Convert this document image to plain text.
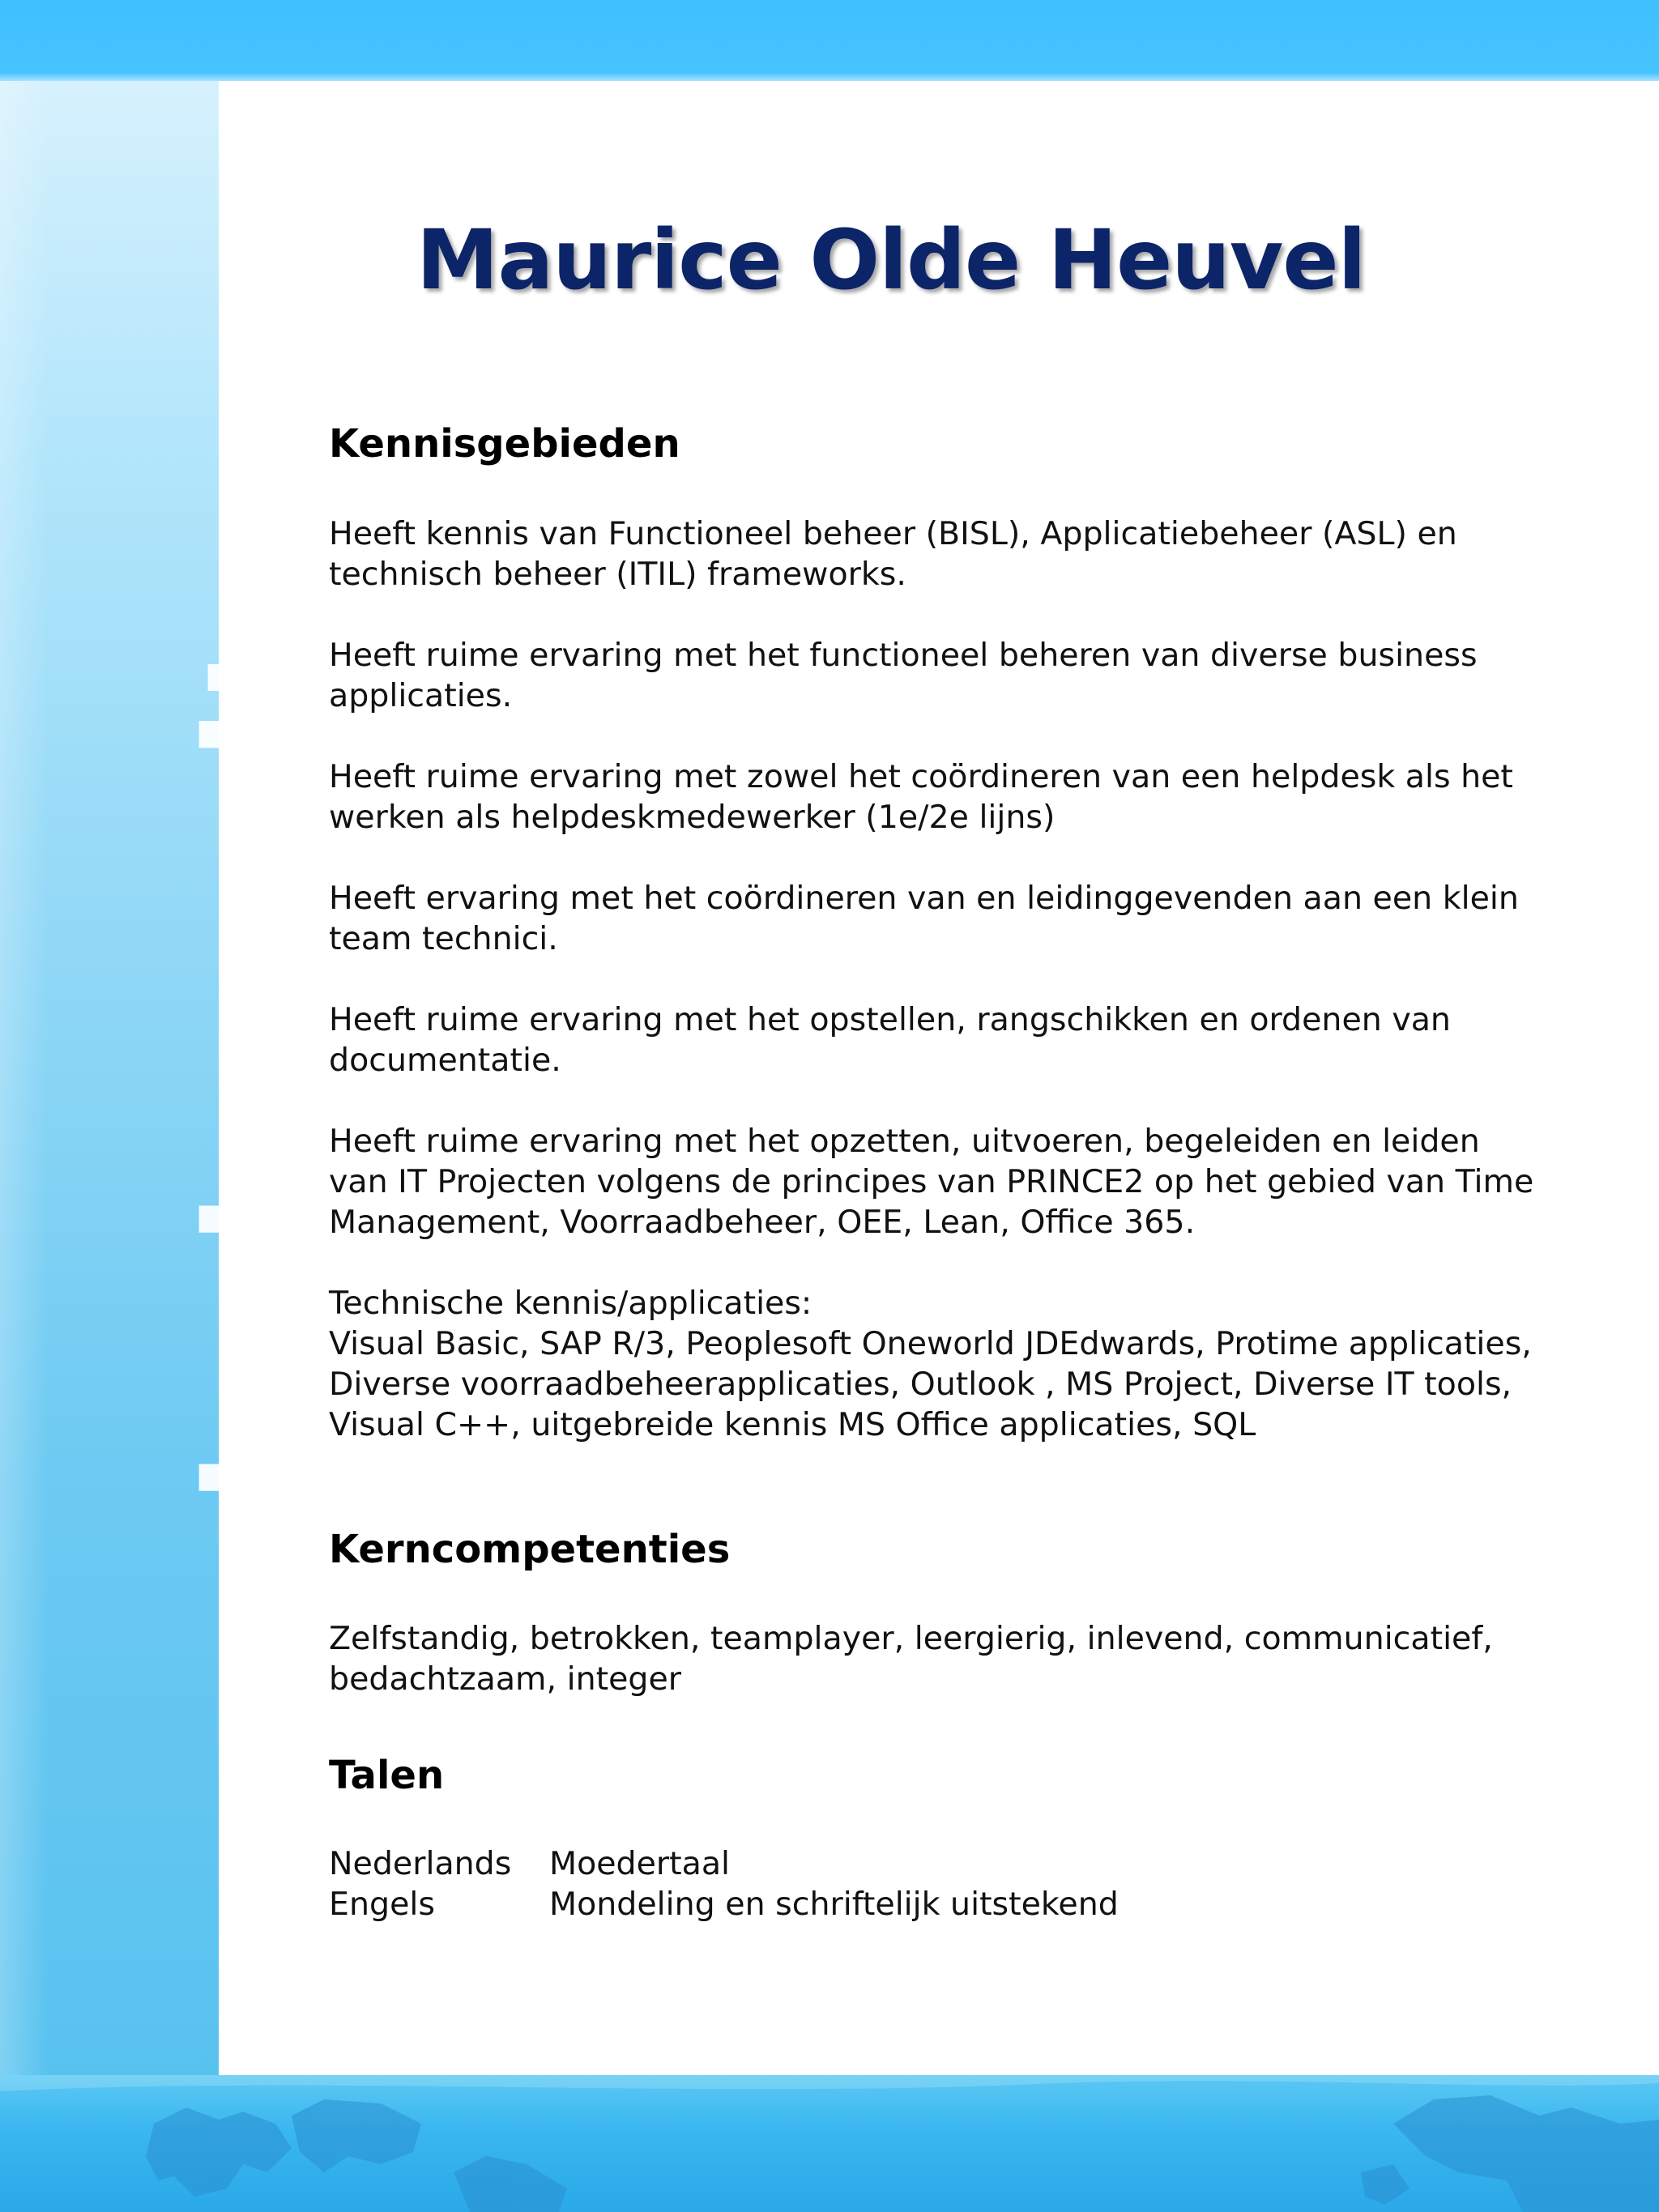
curriculum vitae
Maurice Olde Heuvel
Kennisgebieden
Heeft kennis van Functioneel beheer (BISL), Applicatiebeheer (ASL) en
technisch beheer (ITIL) frameworks.
Heeft ruime ervaring met het functioneel beheren van diverse business
applicaties.
Heeft ruime ervaring met zowel het coördineren van een helpdesk als het
werken als helpdeskmedewerker (1e/2e lijns)
Heeft ervaring met het coördineren van en leidinggevenden aan een klein
team technici.
Heeft ruime ervaring met het opstellen, rangschikken en ordenen van
documentatie.
Heeft ruime ervaring met het opzetten, uitvoeren, begeleiden en leiden
van IT Projecten volgens de principes van PRINCE2 op het gebied van Time
Management, Voorraadbeheer, OEE, Lean, Office 365.
Technische kennis/applicaties:
Visual Basic, SAP R/3, Peoplesoft Oneworld JDEdwards, Protime applicaties,
Diverse voorraadbeheerapplicaties, Outlook , MS Project, Diverse IT tools,
Visual C++, uitgebreide kennis MS Office applicaties, SQL
Kerncompetenties
Zelfstandig, betrokken, teamplayer, leergierig, inlevend, communicatief,
bedachtzaam, integer
Talen
Nederlands Moedertaal
Engels	Mondeling en schriftelijk uitstekend
